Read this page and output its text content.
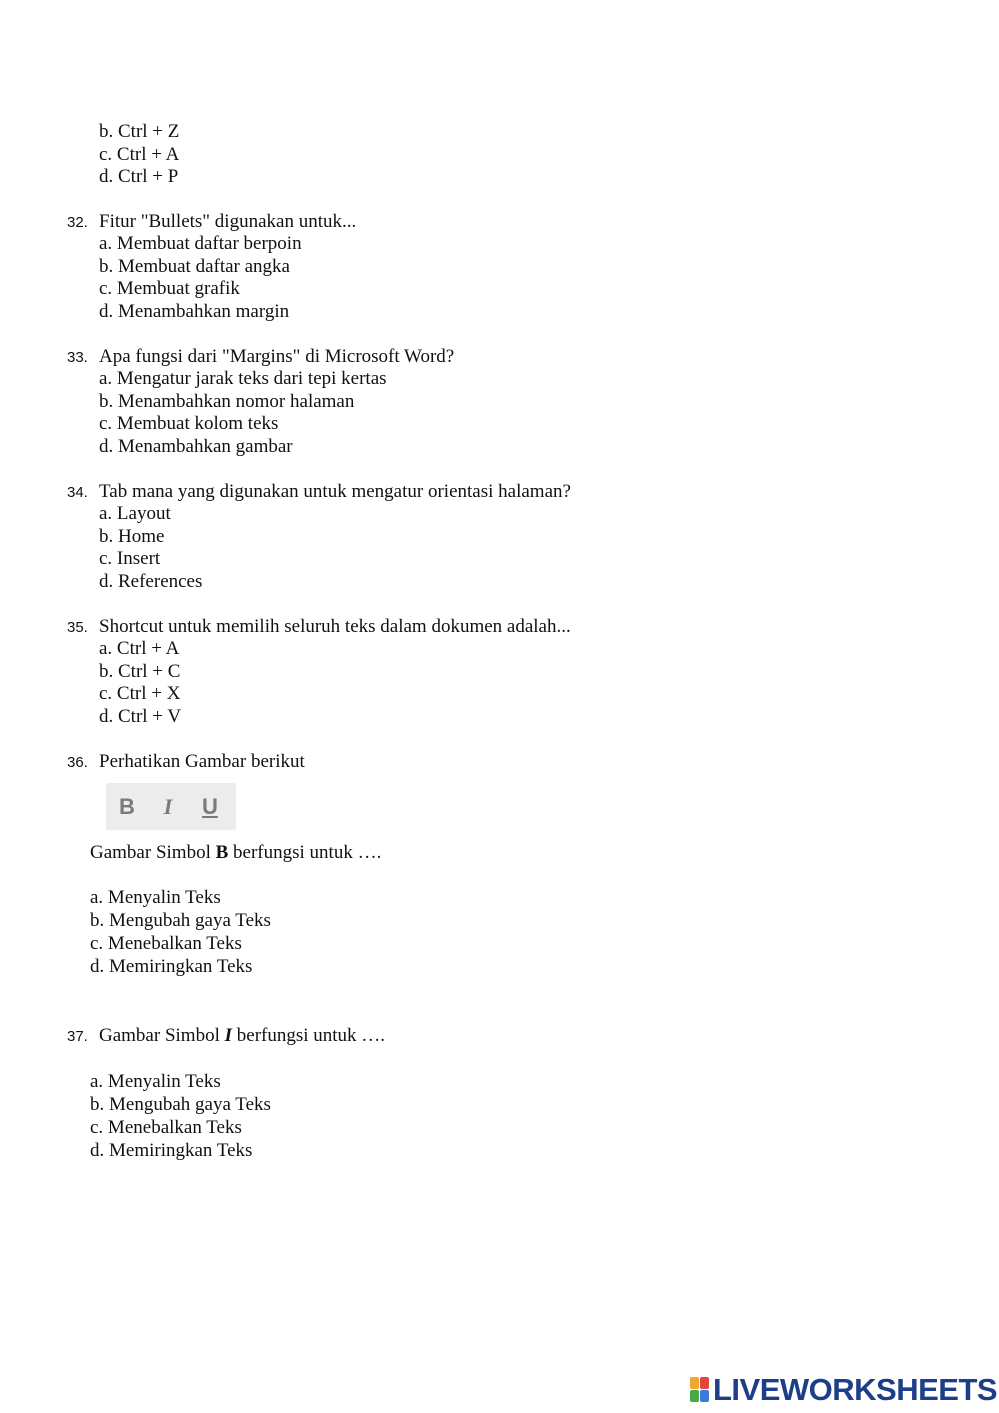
b. Ctrl + Z
c. Ctrl + A
d. Ctrl + P
32. Fitur "Bullets" digunakan untuk...
a. Membuat daftar berpoin
b. Membuat daftar angka
c. Membuat grafik
d. Menambahkan margin
33. Apa fungsi dari "Margins" di Microsoft Word?
a. Mengatur jarak teks dari tepi kertas
b. Menambahkan nomor halaman
c. Membuat kolom teks
d. Menambahkan gambar
34. Tab mana yang digunakan untuk mengatur orientasi halaman?
a. Layout
b. Home
c. Insert
d. References
35. Shortcut untuk memilih seluruh teks dalam dokumen adalah...
a. Ctrl + A
b. Ctrl + C
c. Ctrl + X
d. Ctrl + V
36. Perhatikan Gambar berikut
B	I	U
Gambar Simbol B berfungsi untuk ….
a. Menyalin Teks
b. Mengubah gaya Teks
c. Menebalkan Teks
d. Memiringkan Teks
37. Gambar Simbol I berfungsi untuk ….
a. Menyalin Teks
b. Mengubah gaya Teks
c. Menebalkan Teks
d. Memiringkan Teks
LIVEWORKSHEETS
